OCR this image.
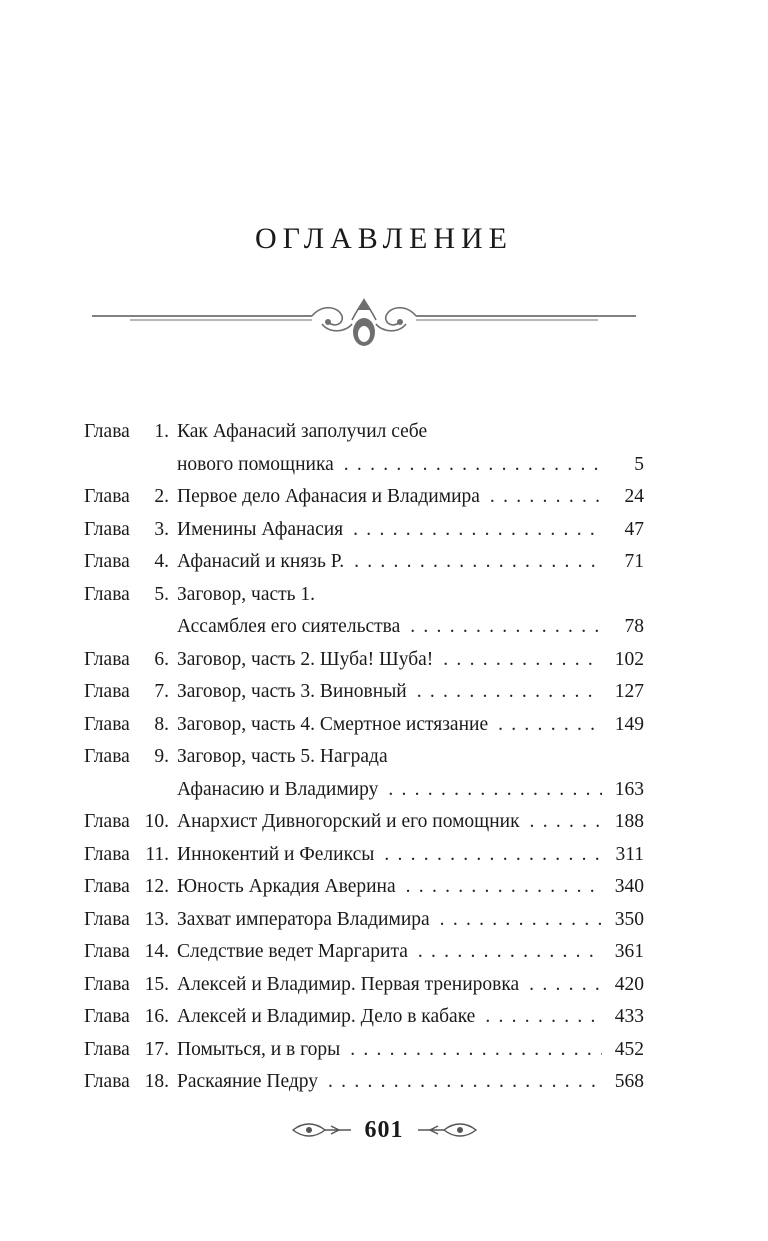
ОГЛАВЛЕНИЕ
Глава	1. Как Афанасий заполучил себе
нового помощника . . .	5
Глава	2. Первое дело Афанасия и Владимира . . .	24
Глава	3. Именины Афанасия . . .	47
Глава	4. Афанасий и князь Р. . . .	71
Глава	5. Заговор, часть 1.
Ассамблея его сиятельства . . .	78
Глава	6. Заговор, часть 2. Шуба! Шуба! . . .	102
Глава	7. Заговор, часть 3. Виновный . . .	127
Глава	8. Заговор, часть 4. Смертное истязание . . .	149
Глава	9. Заговор, часть 5. Награда
Афанасию и Владимиру . . .	163
Глава 10. Анархист Дивногорский и его помощник . . .	188
Глава 11. Иннокентий и Феликсы . . .	311
Глава 12. Юность Аркадия Аверина . . .	340
Глава 13. Захват императора Владимира . . .	350
Глава 14. Следствие ведет Маргарита . . .	361
Глава 15. Алексей и Владимир. Первая тренировка . . .	420
Глава 16. Алексей и Владимир. Дело в кабаке . . .	433
Глава 17. Помыться, и в горы . . .	452
Глава 18. Раскаяние Педру . . .	568
601
